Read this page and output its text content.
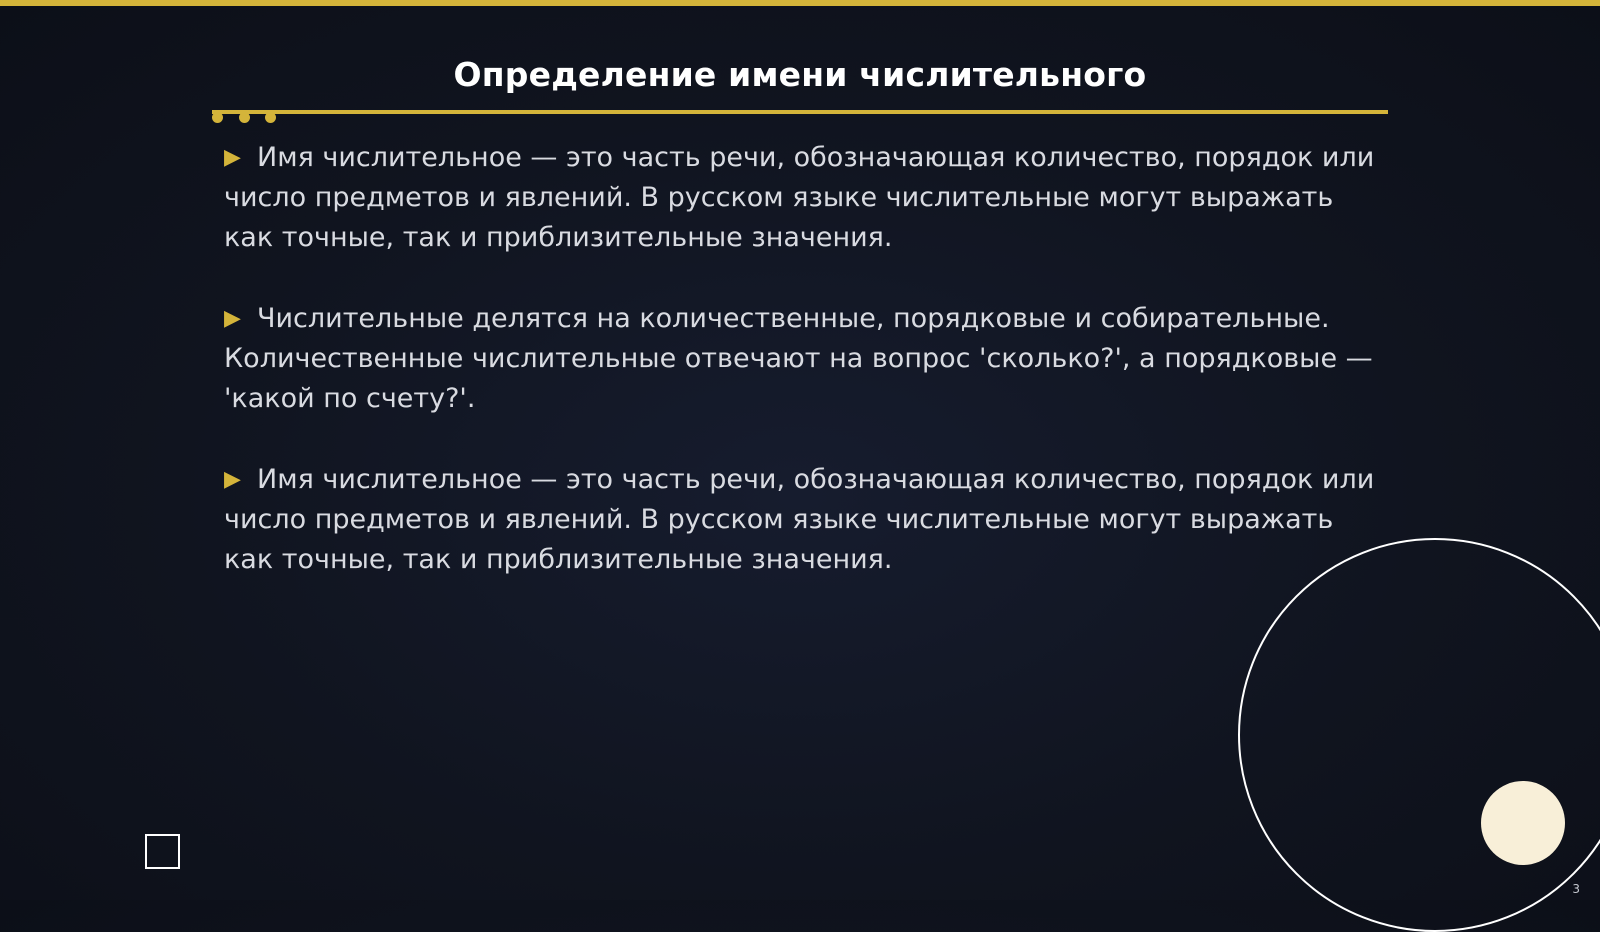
Определение имени числительного
▶ Имя числительное — это часть речи, обозначающая количество, порядок или число предметов и явлений. В русском языке числительные могут выражать как точные, так и приблизительные значения.
▶ Числительные делятся на количественные, порядковые и собирательные. Количественные числительные отвечают на вопрос 'сколько?', а порядковые — 'какой по счету?'.
▶ Имя числительное — это часть речи, обозначающая количество, порядок или число предметов и явлений. В русском языке числительные могут выражать как точные, так и приблизительные значения.
3
